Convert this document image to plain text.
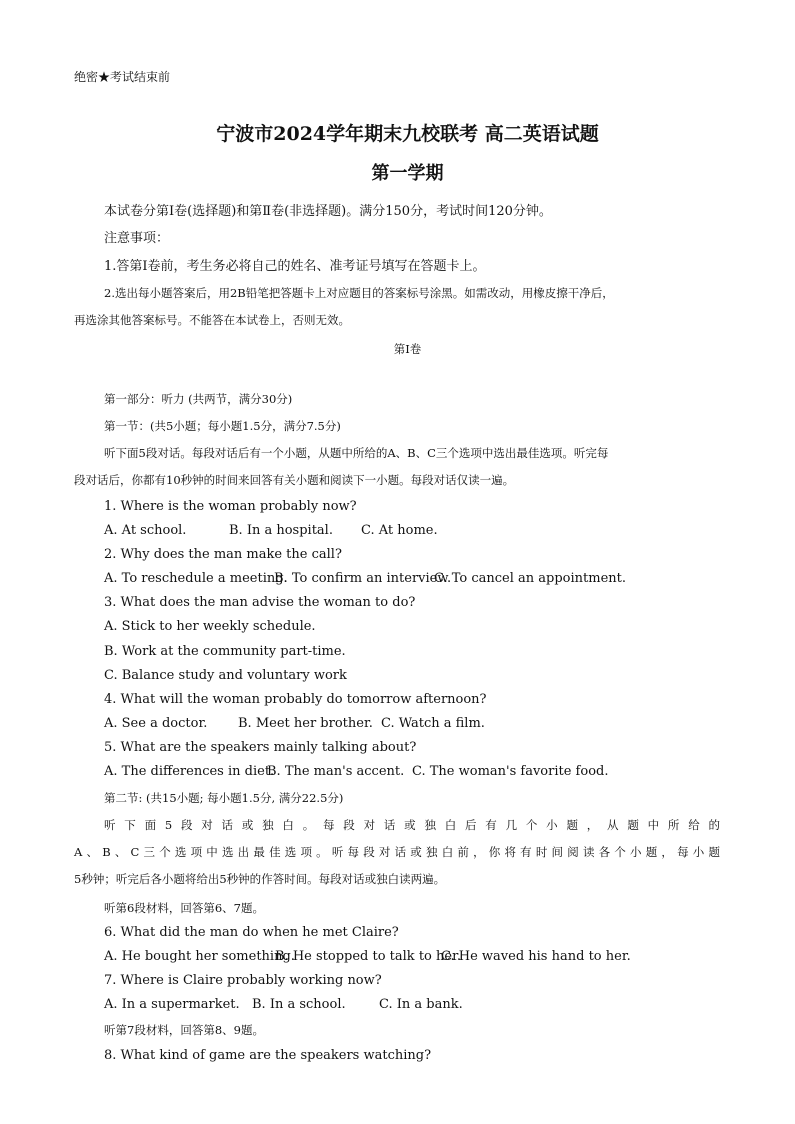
绝密★考试结束前
宁波市2024学年期末九校联考 高二英语试题
第一学期
本试卷分第Ⅰ卷(选择题)和第Ⅱ卷(非选择题)。满分150分，考试时间120分钟。
注意事项：
1.答第Ⅰ卷前，考生务必将自己的姓名、准考证号填写在答题卡上。
2.选出每小题答案后，用2B铅笔把答题卡上对应题目的答案标号涂黑。如需改动，用橡皮擦干净后，
再选涂其他答案标号。不能答在本试卷上，否则无效。
第Ⅰ卷
第一部分：听力 (共两节，满分30分)
第一节：(共5小题；每小题1.5分，满分7.5分)
听下面5段对话。每段对话后有一个小题，从题中所给的A、B、C三个选项中选出最佳选项。听完每
段对话后，你都有10秒钟的时间来回答有关小题和阅读下一小题。每段对话仅读一遍。
1. Where is the woman probably now?
A. At school.	B. In a hospital. C. At home.
2. Why does the man make the call?
A. To reschedule a meeting.
B. To confirm an interview.
C. To cancel an appointment.
3. What does the man advise the woman to do?
A. Stick to her weekly schedule.
B. Work at the community part-time.
C. Balance study and voluntary work
4. What will the woman probably do tomorrow afternoon?
A. See a doctor. B. Meet her brother. C. Watch a film.
5. What are the speakers mainly talking about?
A. The differences in diet.
B. The man's accent. C. The woman's favorite food.
第二节: (共15小题; 每小题1.5分, 满分22.5分)
听下面5段对话或独白。每段对话或独白后有几个小题，从题中所给的
A、B、C三个选项中选出最佳选项。听每段对话或独白前，你将有时间阅读各个小题，每小题
5秒钟；听完后各小题将给出5秒钟的作答时间。每段对话或独白读两遍。
听第6段材料，回答第6、7题。
6. What did the man do when he met Claire?
A. He bought her something.
B. He stopped to talk to her.
C. He waved his hand to her.
7. Where is Claire probably working now?
A. In a supermarket. B. In a school.	C. In a bank.
听第7段材料，回答第8、9题。
8. What kind of game are the speakers watching?
